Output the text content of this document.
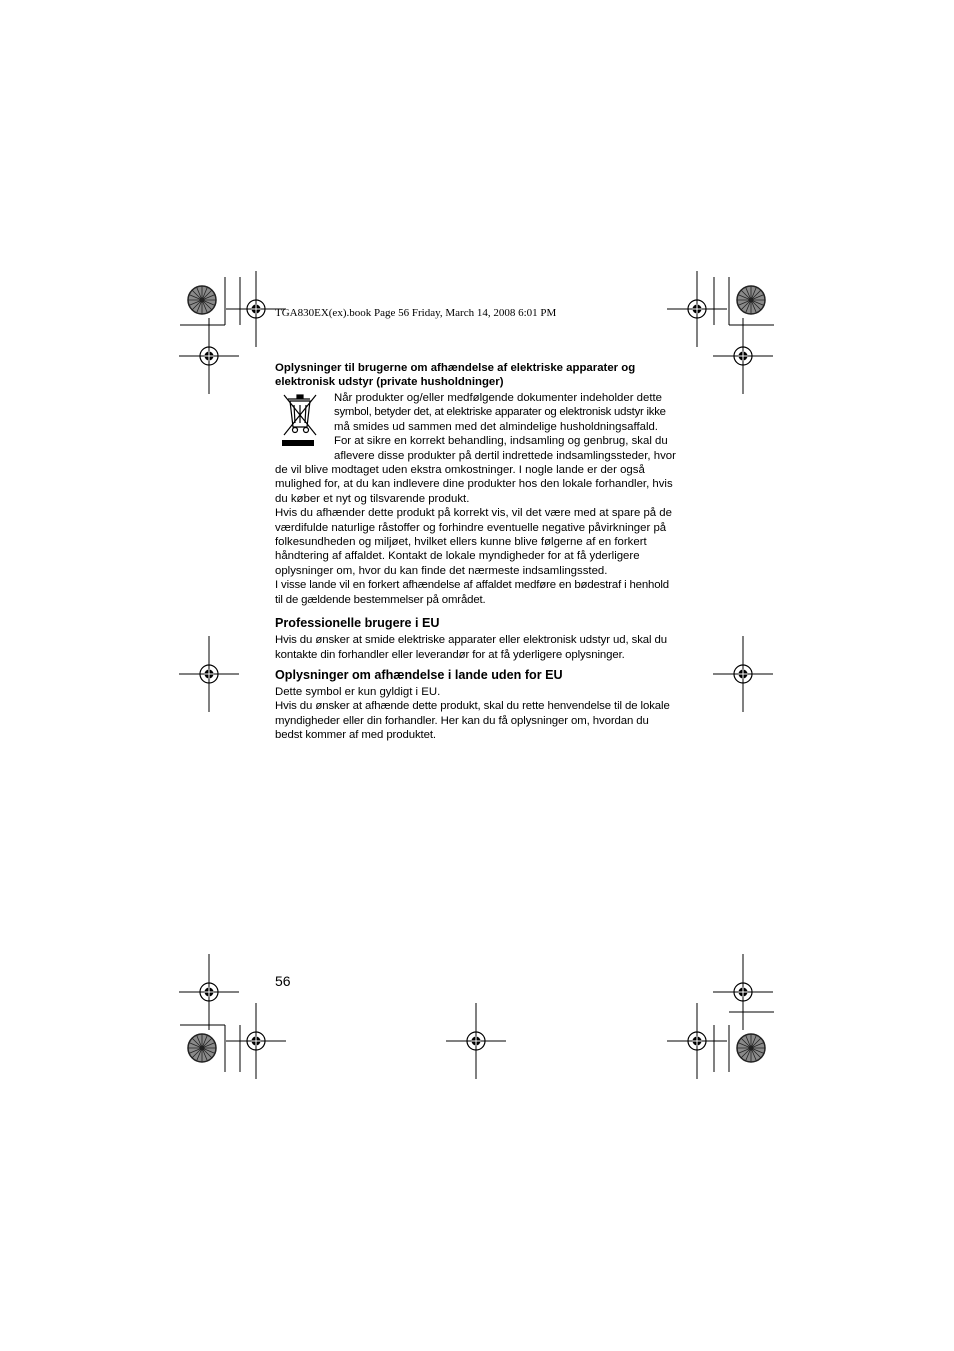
TGA830EX(ex).book Page 56 Friday, March 14, 2008 6:01 PM
Oplysninger til brugerne om afhændelse af elektriske apparater og
elektronisk udstyr (private husholdninger)

Når produkter og/eller medfølgende dokumenter indeholder dette

symbol, betyder det, at elektriske apparater og elektronisk udstyr ikke

må smides ud sammen med det almindelige husholdningsaffald.

For at sikre en korrekt behandling, indsamling og genbrug, skal du

aflevere disse produkter på dertil indrettede indsamlingssteder, hvor

de vil blive modtaget uden ekstra omkostninger. I nogle lande er der også mulighed for, at du kan indlevere dine produkter hos den lokale forhandler, hvis du køber et nyt og tilsvarende produkt.

Hvis du afhænder dette produkt på korrekt vis, vil det være med at spare på de værdifulde naturlige råstoffer og forhindre eventuelle negative påvirkninger på folkesundheden og miljøet, hvilket ellers kunne blive følgerne af en forkert håndtering af affaldet. Kontakt de lokale myndigheder for at få yderligere oplysninger om, hvor du kan finde det nærmeste indsamlingssted.

I visse lande vil en forkert afhændelse af affaldet medføre en bødestraf i henhold til de gældende bestemmelser på området.

Professionelle brugere i EU

Hvis du ønsker at smide elektriske apparater eller elektronisk udstyr ud, skal du kontakte din forhandler eller leverandør for at få yderligere oplysninger.

Oplysninger om afhændelse i lande uden for EU

Dette symbol er kun gyldigt i EU.

Hvis du ønsker at afhænde dette produkt, skal du rette henvendelse til de lokale myndigheder eller din forhandler. Her kan du få oplysninger om, hvordan du bedst kommer af med produktet.

56
